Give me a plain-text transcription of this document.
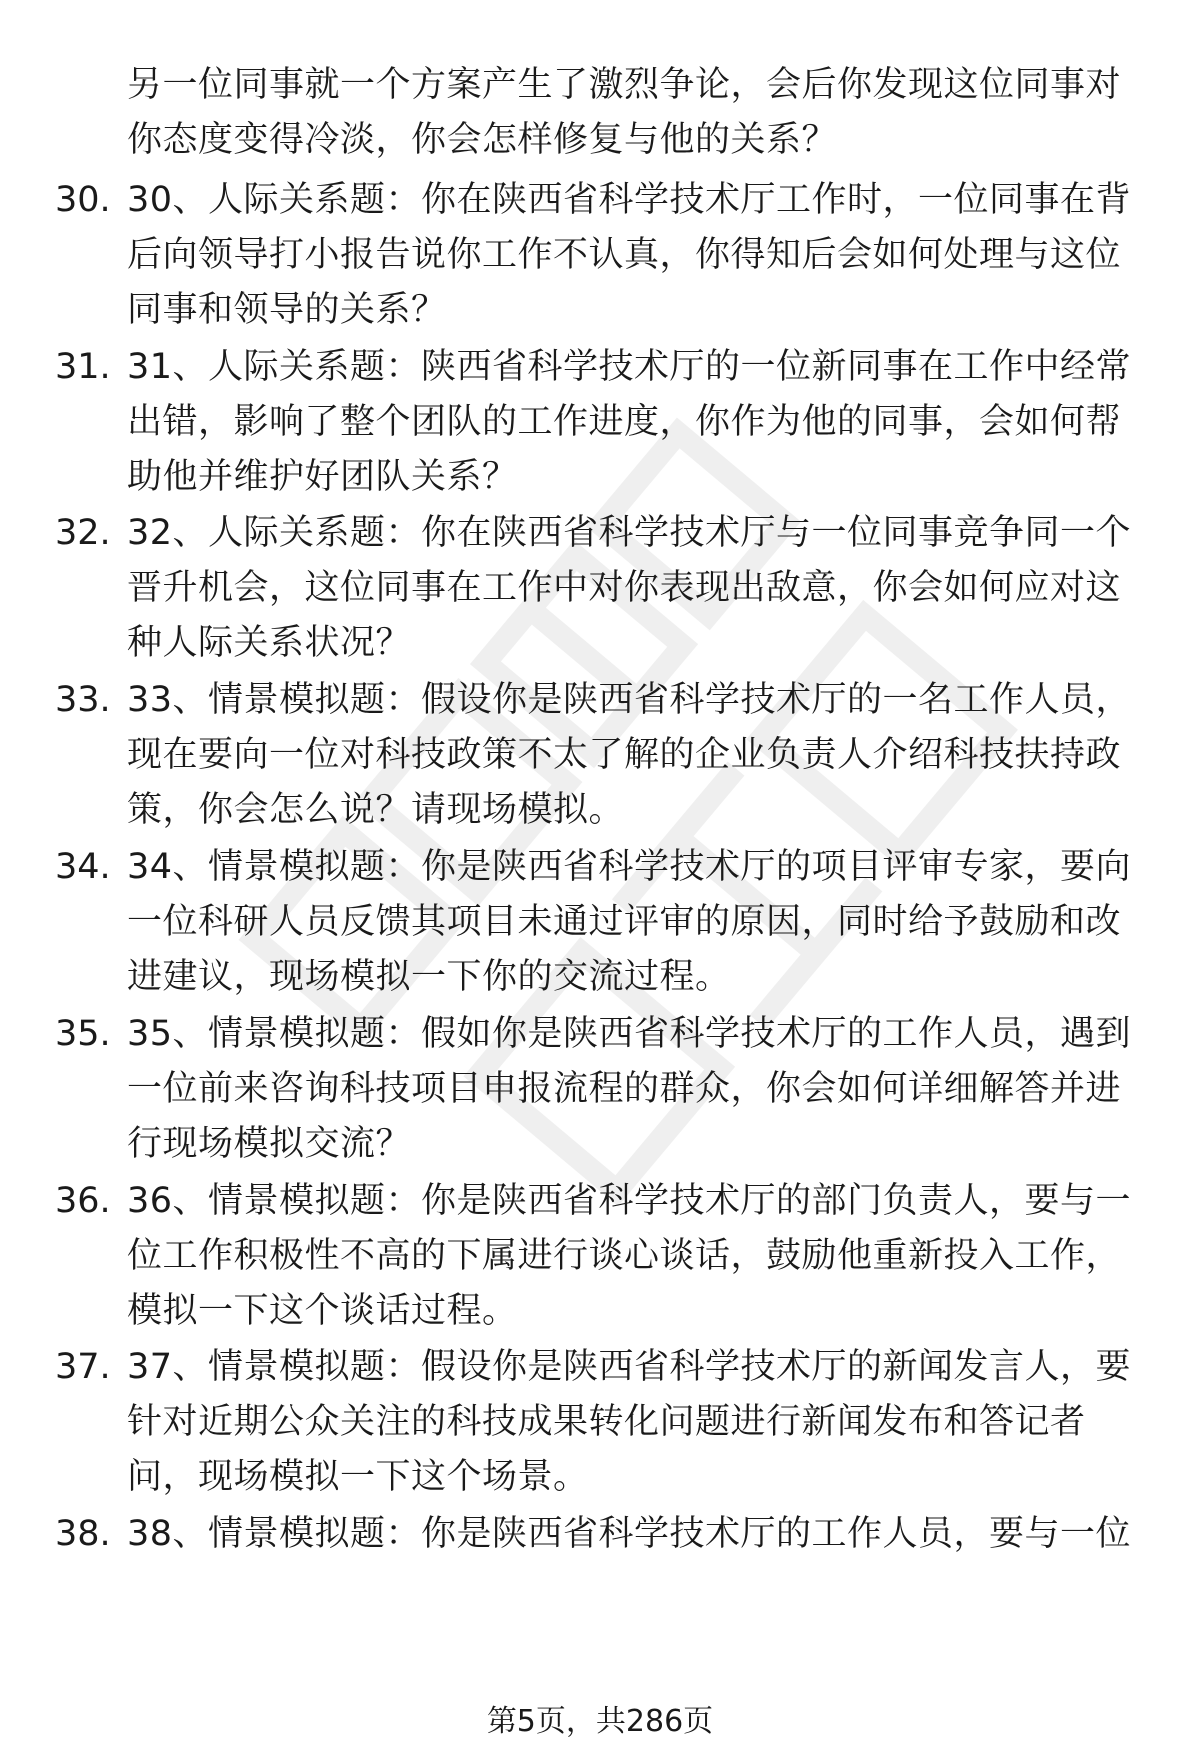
另一位同事就一个方案产生了激烈争论，会后你发现这位同事对你态度变得冷淡，你会怎样修复与他的关系？
30. 30、人际关系题：你在陕西省科学技术厅工作时，一位同事在背后向领导打小报告说你工作不认真，你得知后会如何处理与这位同事和领导的关系？
31. 31、人际关系题：陕西省科学技术厅的一位新同事在工作中经常出错，影响了整个团队的工作进度，你作为他的同事，会如何帮助他并维护好团队关系？
32. 32、人际关系题：你在陕西省科学技术厅与一位同事竞争同一个晋升机会，这位同事在工作中对你表现出敌意，你会如何应对这种人际关系状况？
33. 33、情景模拟题：假设你是陕西省科学技术厅的一名工作人员，现在要向一位对科技政策不太了解的企业负责人介绍科技扶持政策，你会怎么说？请现场模拟。
34. 34、情景模拟题：你是陕西省科学技术厅的项目评审专家，要向一位科研人员反馈其项目未通过评审的原因，同时给予鼓励和改进建议，现场模拟一下你的交流过程。
35. 35、情景模拟题：假如你是陕西省科学技术厅的工作人员，遇到一位前来咨询科技项目申报流程的群众，你会如何详细解答并进行现场模拟交流？
36. 36、情景模拟题：你是陕西省科学技术厅的部门负责人，要与一位工作积极性不高的下属进行谈心谈话，鼓励他重新投入工作，模拟一下这个谈话过程。
37. 37、情景模拟题：假设你是陕西省科学技术厅的新闻发言人，要针对近期公众关注的科技成果转化问题进行新闻发布和答记者问，现场模拟一下这个场景。
38. 38、情景模拟题：你是陕西省科学技术厅的工作人员，要与一位
第5页，共286页
